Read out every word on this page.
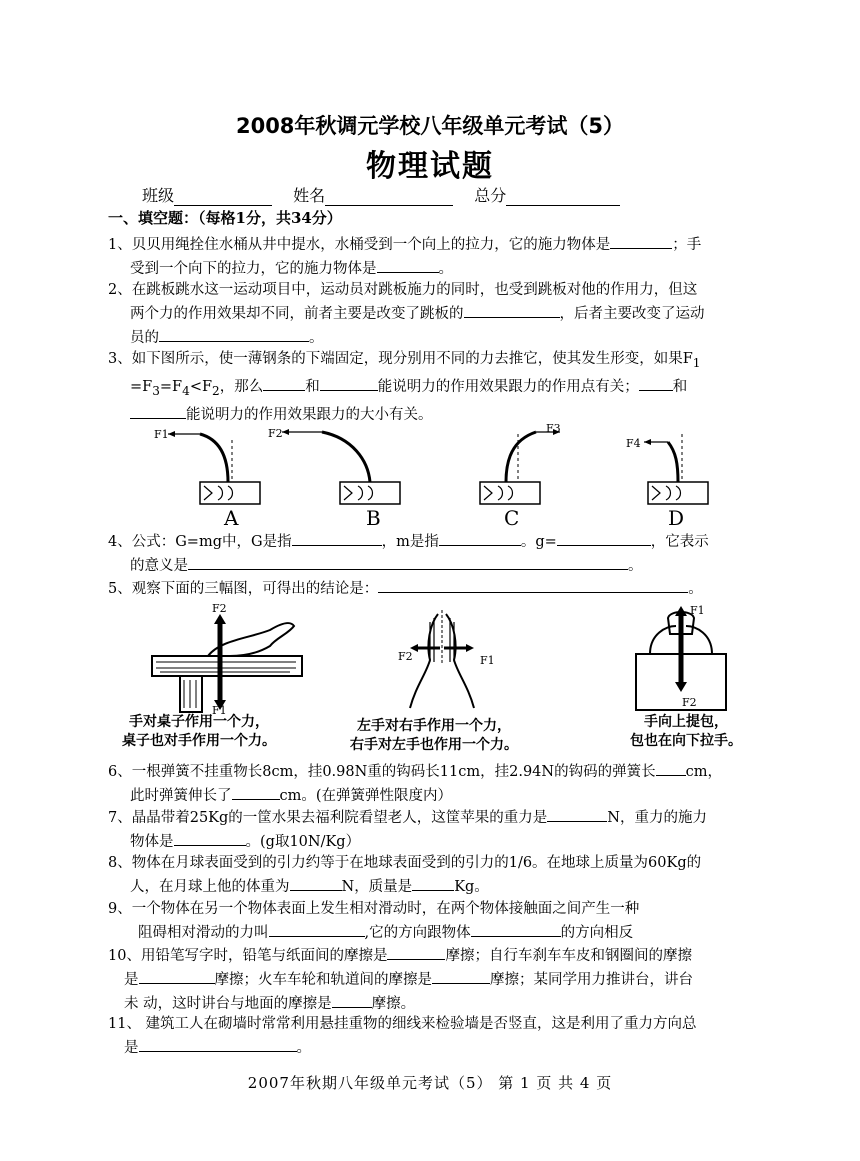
2008年秋调元学校八年级单元考试（5）
物理试题
班级	姓名	总分
一、填空题：（每格1分，共34分）
1、贝贝用绳拴住水桶从井中提水，水桶受到一个向上的拉力，它的施力物体是	；手
受到一个向下的拉力，它的施力物体是	。
2、在跳板跳水这一运动项目中，运动员对跳板施力的同时，也受到跳板对他的作用力，但这
两个力的作用效果却不同，前者主要是改变了跳板的	，后者主要改变了运动
员的	。
3、如下图所示，使一薄钢条的下端固定，现分别用不同的力去推它，使其发生形变，如果$F_1$
$=F_3=F_4<F_2$，那么	和	能说明力的作用效果跟力的作用点有关； 和
能说明力的作用效果跟力的大小有关。
F1
A
F2
B
F3
C
F4
D
4、公式：G=mg中，G是指	，m是指	。g=	，它表示
的意义是	。
5、观察下面的三幅图，可得出的结论是：	。
F2
F1
F2	F1
F1
F2
手对桌子作用一个力，
桌子也对手作用一个力。
左手对右手作用一个力，
右手对左手也作用一个力。
手向上提包，
包也在向下拉手。
6、一根弹簧不挂重物长8cm，挂0.98N重的钩码长11cm，挂2.94N的钩码的弹簧长 cm，
此时弹簧伸长了	cm。(在弹簧弹性限度内）
7、晶晶带着25Kg的一筐水果去福利院看望老人，这筐苹果的重力是	N，重力的施力
物体是	。(g取10N/Kg）
8、物体在月球表面受到的引力约等于在地球表面受到的引力的1/6。在地球上质量为60Kg的
人，在月球上他的体重为	N，质量是	Kg。
9、一个物体在另一个物体表面上发生相对滑动时，在两个物体接触面之间产生一种
阻碍相对滑动的力叫	,它的方向跟物体	的方向相反
10、用铅笔写字时，铅笔与纸面间的摩擦是	摩擦；自行车刹车车皮和钢圈间的摩擦
是	摩擦；火车车轮和轨道间的摩擦是	摩擦；某同学用力推讲台，讲台
未 动，这时讲台与地面的摩擦是	摩擦。
11、 建筑工人在砌墙时常常利用悬挂重物的细线来检验墙是否竖直，这是利用了重力方向总
是	。
2007年秋期八年级单元考试（5） 第 1 页 共 4 页
